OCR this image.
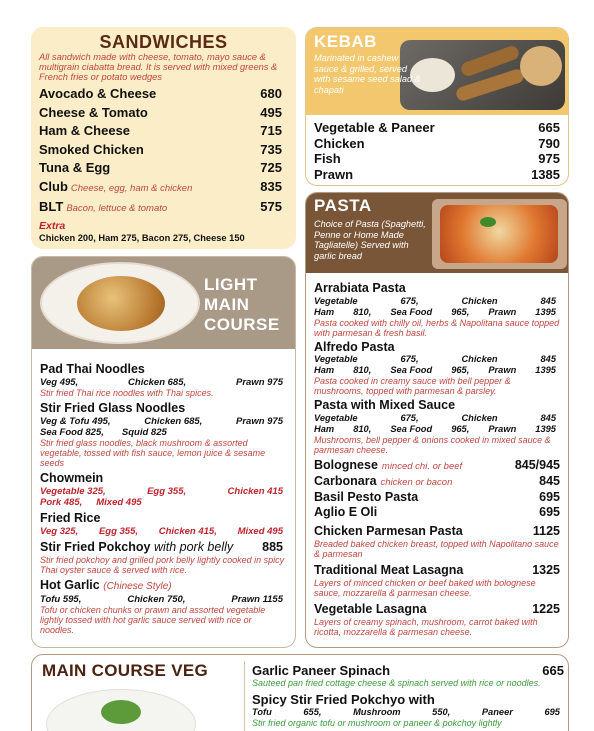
SANDWICHES
All sandwich made with cheese, tomato, mayo sauce & multigrain ciabatta bread. It is served with mixed greens & French fries or potato wedges
Avocado & Cheese	680
Cheese & Tomato	495
Ham & Cheese	715
Smoked Chicken	735
Tuna & Egg	725
Club Cheese, egg, ham & chicken	835
BLT Bacon, lettuce & tomato	575
Extra
Chicken 200, Ham 275, Bacon 275, Cheese 150
LIGHT
MAIN
COURSE
Pad Thai Noodles
Veg 495,	Chicken 685,	Prawn 975
Stir fried Thai rice noodles with Thai spices.
Stir Fried Glass Noodles
Veg & Tofu 495,	Chicken 685,	Prawn 975
Sea Food 825, Squid 825
Stir fried glass noodles, black mushroom & assorted vegetable, tossed with fish sauce, lemon juice & sesame seeds
Chowmein
Vegetable 325,	Egg 355,	Chicken 415
Pork 485, Mixed 495
Fried Rice
Veg 325, Egg 355, Chicken 415, Mixed 495
Stir Fried Pokchoy with pork belly 885
Stir fried pokchoy and grilled pork belly lightly cooked in spicy Thai oyster sauce & served with rice.
Hot Garlic (Chinese Style)
Tofu 595,	Chicken 750,	Prawn 1155
Tofu or chicken chunks or prawn and assorted vegetable lightly tossed with hot garlic sauce served with rice or noodles.
KEBAB
Marinated in cashew sauce & grilled, served with sesame seed salad & chapati
Vegetable & Paneer	665
Chicken	790
Fish	975
Prawn	1385
PASTA
Choice of Pasta (Spaghetti, Penne or Home Made Tagliatelle) Served with garlic bread
Arrabiata Pasta
Vegetable	675,	Chicken	845
Ham 810, Sea Food 965, Prawn 1395
Pasta cooked with chilly oil, herbs & Napolitana sauce topped with parmesan & fresh basil.
Alfredo Pasta
Vegetable	675,	Chicken	845
Ham 810, Sea Food 965, Prawn 1395
Pasta cooked in creamy sauce with bell pepper & mushrooms, topped with parmesan & parsley.
Pasta with Mixed Sauce
Vegetable	675,	Chicken	845
Ham 810, Sea Food 965, Prawn 1395
Mushrooms, bell pepper & onions cooked in mixed sauce & parmesan cheese.
Bolognese minced chi. or beef	845/945
Carbonara chicken or bacon	845
Basil Pesto Pasta	695
Aglio E Oli	695
Chicken Parmesan Pasta	1125
Breaded baked chicken breast, topped with Napolitano sauce & parmesan
Traditional Meat Lasagna	1325
Layers of minced chicken or beef baked with bolognese sauce, mozzarella & parmesan cheese.
Vegetable Lasagna	1225
Layers of creamy spinach, mushroom, carrot baked with ricotta, mozzarella & parmesan cheese.
MAIN COURSE VEG	Garlic Paneer Spinach	665
Sauteed pan fried cottage cheese & spinach served with rice or noodles.
Spicy Stir Fried Pokchyo with
Tofu	655,	Mushroom	550,	Paneer	695
Stir fried organic tofu or mushroom or paneer & pokchoy lightly
